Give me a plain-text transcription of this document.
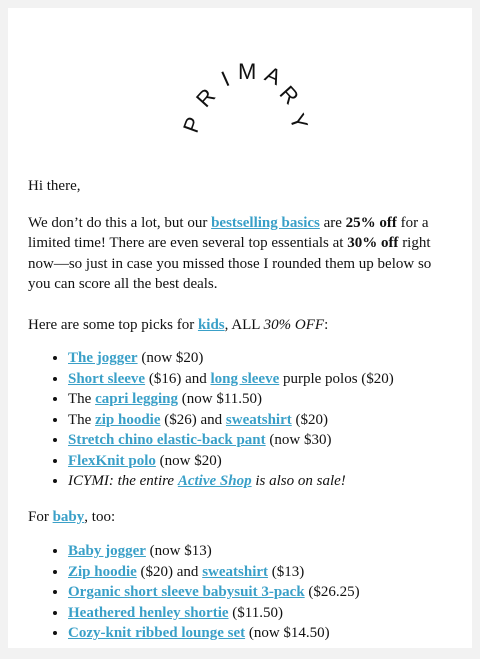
P
R
I M A
R
Y

Hi there,

We don’t do this a lot, but our bestselling basics are 25% off for a limited time! There are even several top essentials at 30% off right now—so just in case you missed those I rounded them up below so you can score all the best deals.

Here are some top picks for kids, ALL 30% OFF:

• The jogger (now $20)
• Short sleeve ($16) and long sleeve purple polos ($20)
• The capri legging (now $11.50)
• The zip hoodie ($26) and sweatshirt ($20)
• Stretch chino elastic-back pant (now $30)
• FlexKnit polo (now $20)
• ICYMI: the entire Active Shop is also on sale!

For baby, too:

• Baby jogger (now $13)
• Zip hoodie ($20) and sweatshirt ($13)
• Organic short sleeve babysuit 3-pack ($26.25)
• Heathered henley shortie ($11.50)
• Cozy-knit ribbed lounge set (now $14.50)
